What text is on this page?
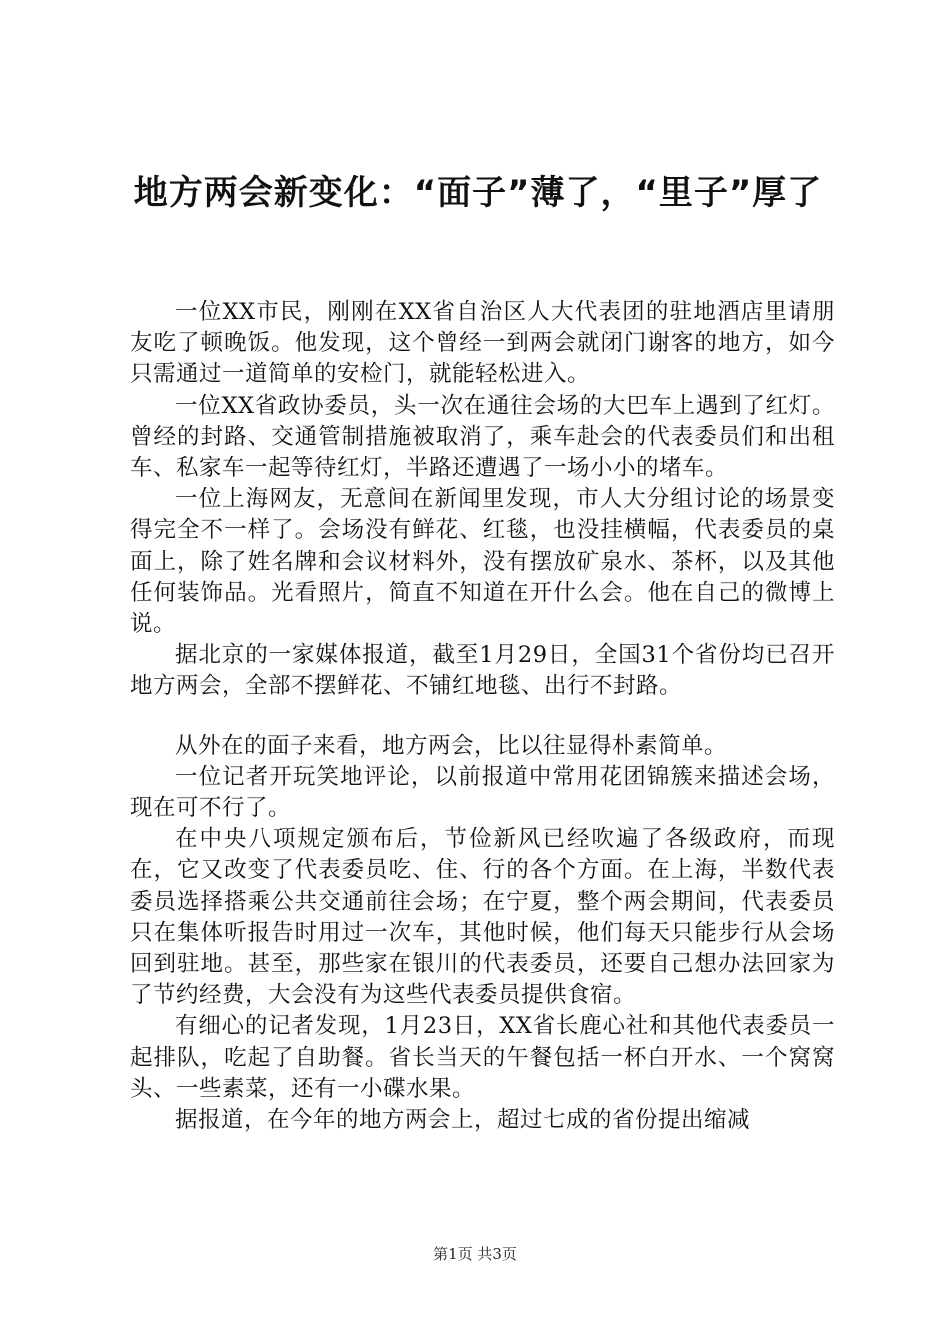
地方两会新变化：“面子”薄了，“里子”厚了

一位XX市民，刚刚在XX省自治区人大代表团的驻地酒店里请朋友吃了顿晚饭。他发现，这个曾经一到两会就闭门谢客的地方，如今只需通过一道简单的安检门，就能轻松进入。

一位XX省政协委员，头一次在通往会场的大巴车上遇到了红灯。曾经的封路、交通管制措施被取消了，乘车赴会的代表委员们和出租车、私家车一起等待红灯，半路还遭遇了一场小小的堵车。

一位上海网友，无意间在新闻里发现，市人大分组讨论的场景变得完全不一样了。会场没有鲜花、红毯，也没挂横幅，代表委员的桌面上，除了姓名牌和会议材料外，没有摆放矿泉水、茶杯，以及其他任何装饰品。光看照片，简直不知道在开什么会。他在自己的微博上说。

据北京的一家媒体报道，截至1月29日，全国31个省份均已召开地方两会，全部不摆鲜花、不铺红地毯、出行不封路。

从外在的面子来看，地方两会，比以往显得朴素简单。

一位记者开玩笑地评论，以前报道中常用花团锦簇来描述会场，现在可不行了。

在中央八项规定颁布后，节俭新风已经吹遍了各级政府，而现在，它又改变了代表委员吃、住、行的各个方面。在上海，半数代表委员选择搭乘公共交通前往会场；在宁夏，整个两会期间，代表委员只在集体听报告时用过一次车，其他时候，他们每天只能步行从会场回到驻地。甚至，那些家在银川的代表委员，还要自己想办法回家为了节约经费，大会没有为这些代表委员提供食宿。

有细心的记者发现，1月23日，XX省长鹿心社和其他代表委员一起排队，吃起了自助餐。省长当天的午餐包括一杯白开水、一个窝窝头、一些素菜，还有一小碟水果。

据报道，在今年的地方两会上，超过七成的省份提出缩减

第1页 共3页
